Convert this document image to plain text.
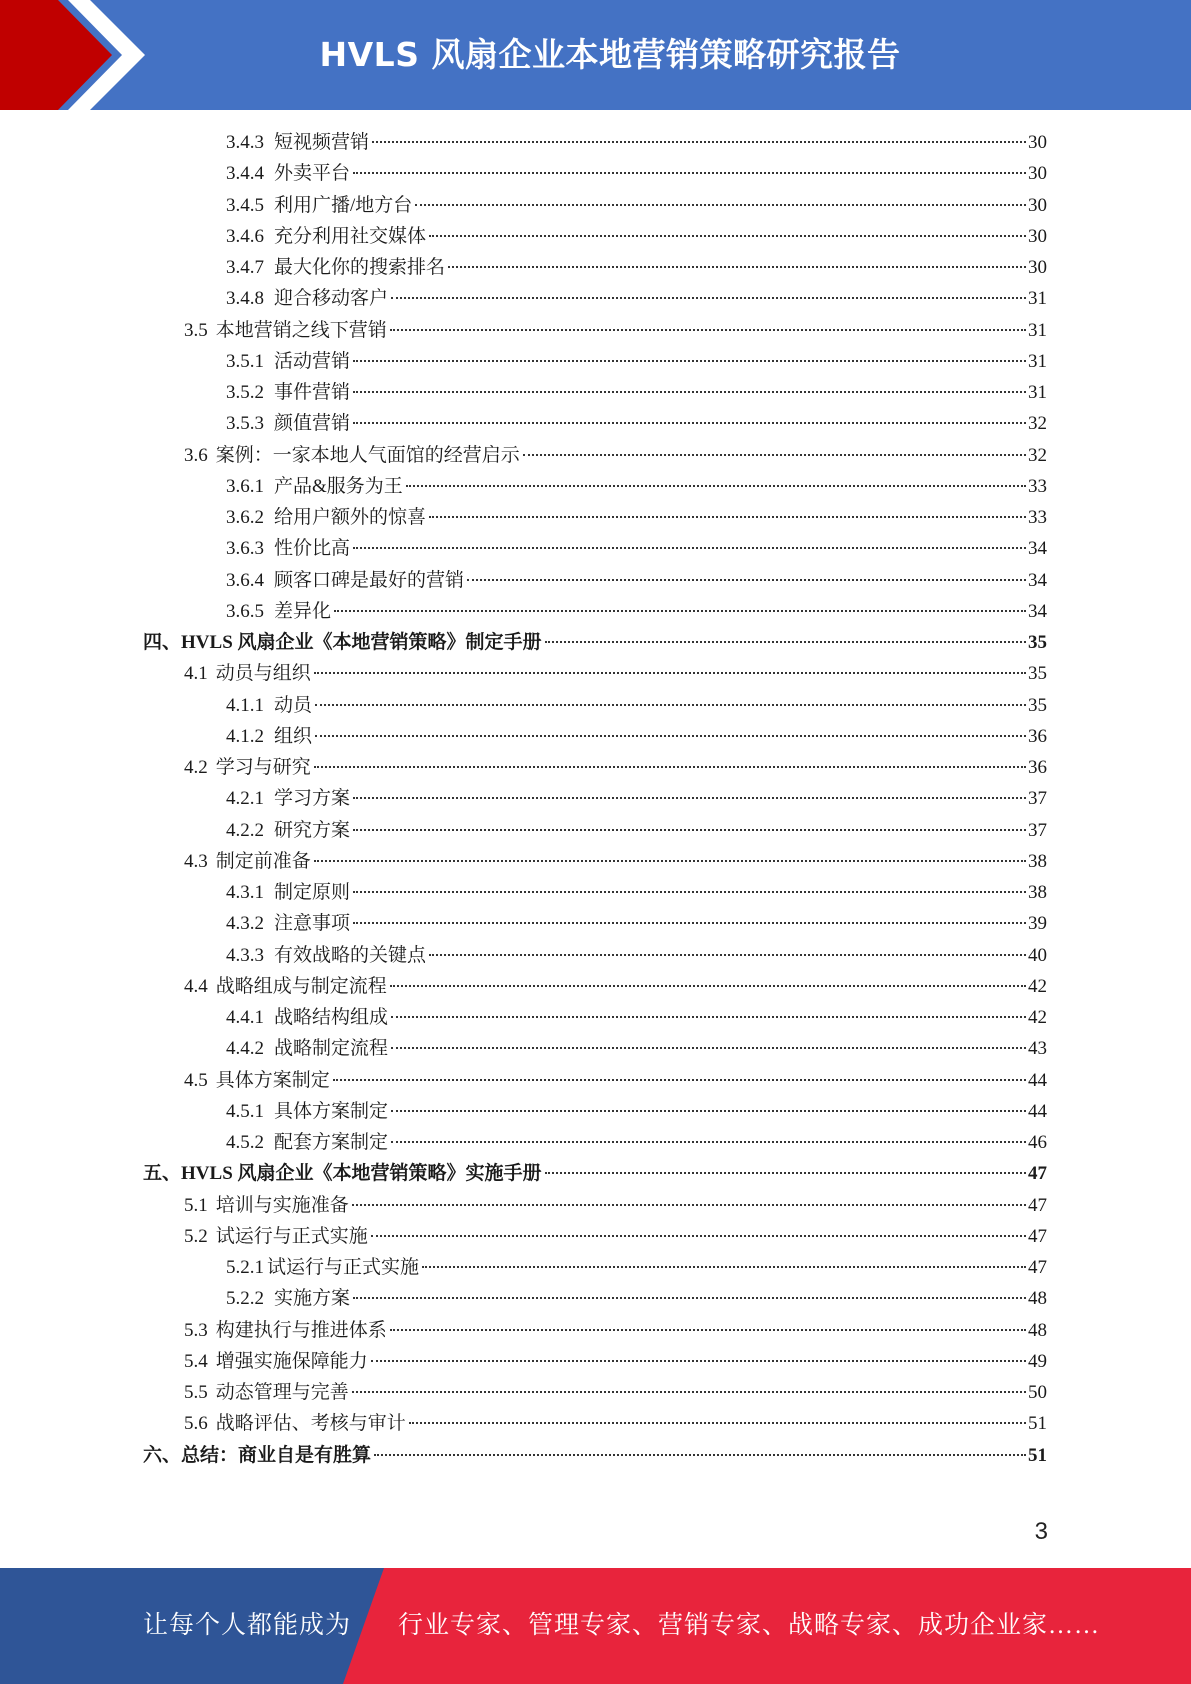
HVLS 风扇企业本地营销策略研究报告
3.4.3 短视频营销	30
3.4.4 外卖平台	30
3.4.5 利用广播/地方台	30
3.4.6 充分利用社交媒体	30
3.4.7 最大化你的搜索排名	30
3.4.8 迎合移动客户	31
3.5 本地营销之线下营销	31
3.5.1 活动营销	31
3.5.2 事件营销	31
3.5.3 颜值营销	32
3.6 案例：一家本地人气面馆的经营启示	32
3.6.1 产品&服务为王	33
3.6.2 给用户额外的惊喜	33
3.6.3 性价比高	34
3.6.4 顾客口碑是最好的营销	34
3.6.5 差异化	34
四、 HVLS 风扇企业《本地营销策略》制定手册	35
4.1 动员与组织	35
4.1.1 动员	35
4.1.2 组织	36
4.2 学习与研究	36
4.2.1 学习方案	37
4.2.2 研究方案	37
4.3 制定前准备	38
4.3.1 制定原则	38
4.3.2 注意事项	39
4.3.3 有效战略的关键点	40
4.4 战略组成与制定流程	42
4.4.1 战略结构组成	42
4.4.2 战略制定流程	43
4.5 具体方案制定	44
4.5.1 具体方案制定	44
4.5.2 配套方案制定	46
五、 HVLS 风扇企业《本地营销策略》实施手册	47
5.1 培训与实施准备	47
5.2 试运行与正式实施	47
5.2.1 试运行与正式实施	47
5.2.2 实施方案	48
5.3 构建执行与推进体系	48
5.4 增强实施保障能力	49
5.5 动态管理与完善	50
5.6 战略评估、考核与审计	51
六、 总结：商业自是有胜算	51
3
让每个人都能成为 行业专家、管理专家、营销专家、战略专家、成功企业家……
